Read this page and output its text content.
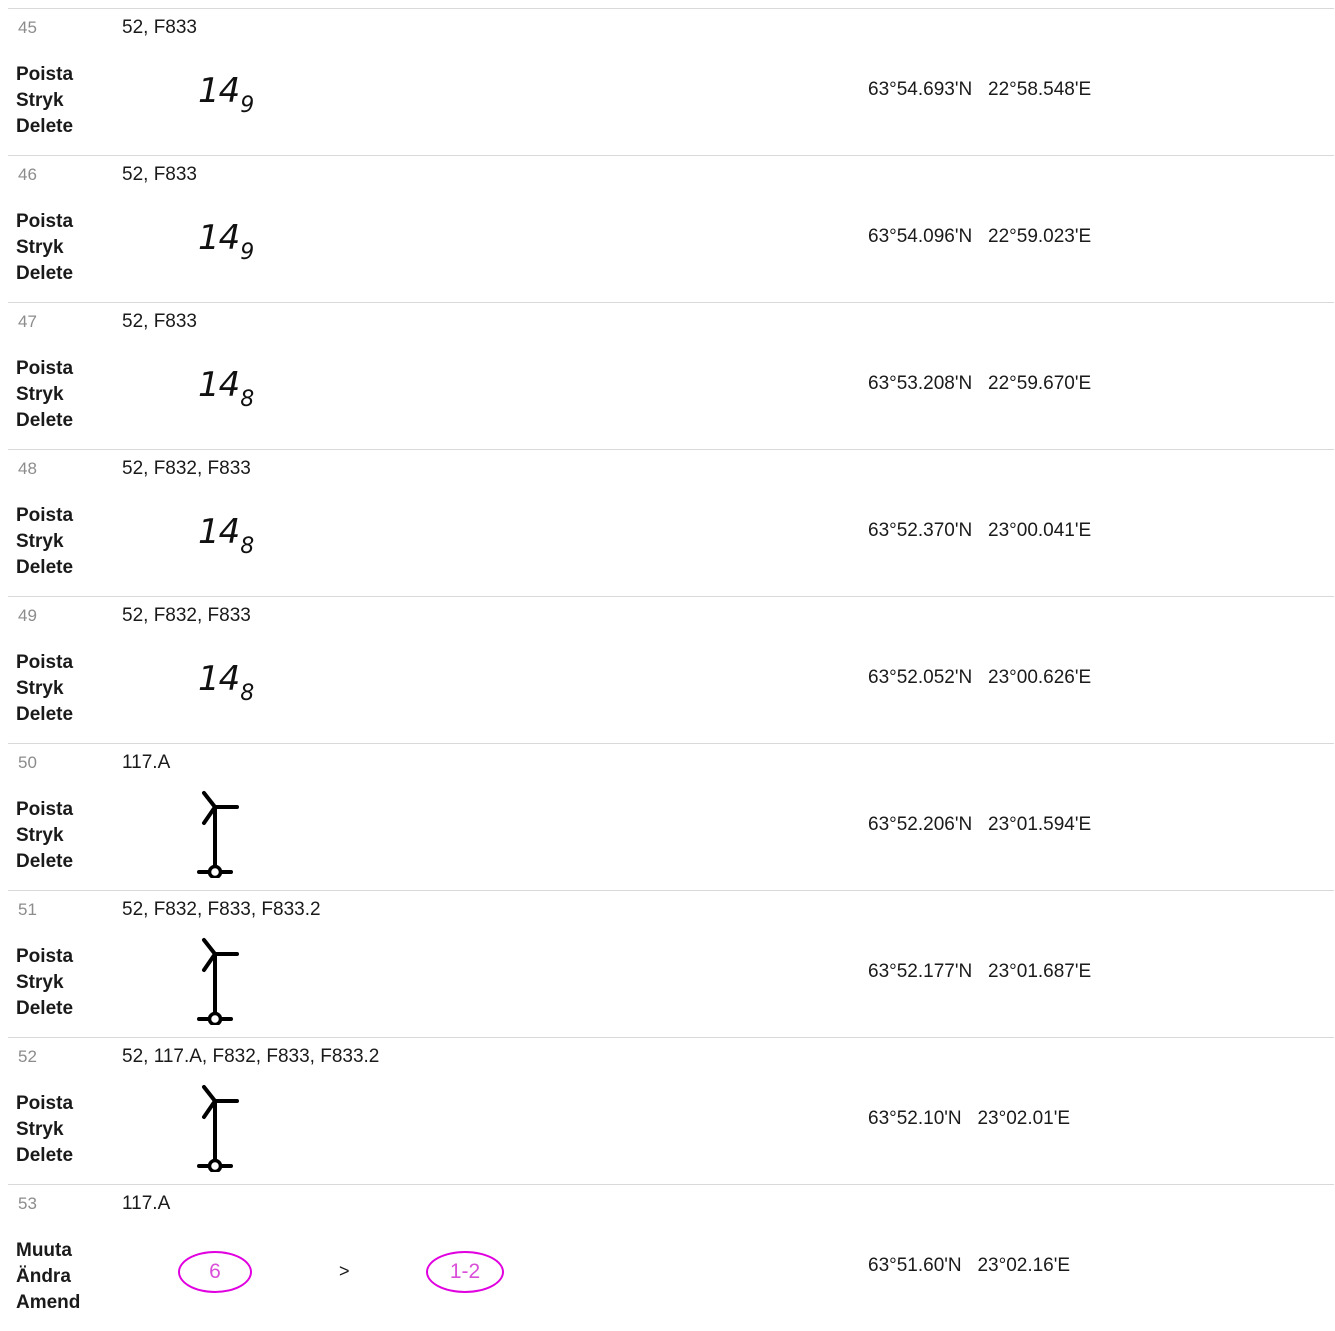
45	52, F833
Poista
Stryk
Delete
$14_9$
63°54.693'N   22°58.548'E
46	52, F833
Poista
Stryk
Delete
$14_9$
63°54.096'N   22°59.023'E
47	52, F833
Poista
Stryk
Delete
$14_8$
63°53.208'N   22°59.670'E
48	52, F832, F833
Poista
Stryk
Delete
$14_8$
63°52.370'N   23°00.041'E
49	52, F832, F833
Poista
Stryk
Delete
$14_8$
63°52.052'N   23°00.626'E
50	117.A
Poista
Stryk
Delete
63°52.206'N   23°01.594'E
51	52, F832, F833, F833.2
Poista
Stryk
Delete
63°52.177'N   23°01.687'E
52	52, 117.A, F832, F833, F833.2
Poista
Stryk
Delete
63°52.10'N   23°02.01'E
53	117.A
Muuta
Ändra
Amend
6	>	1-2	63°51.60'N   23°02.16'E
